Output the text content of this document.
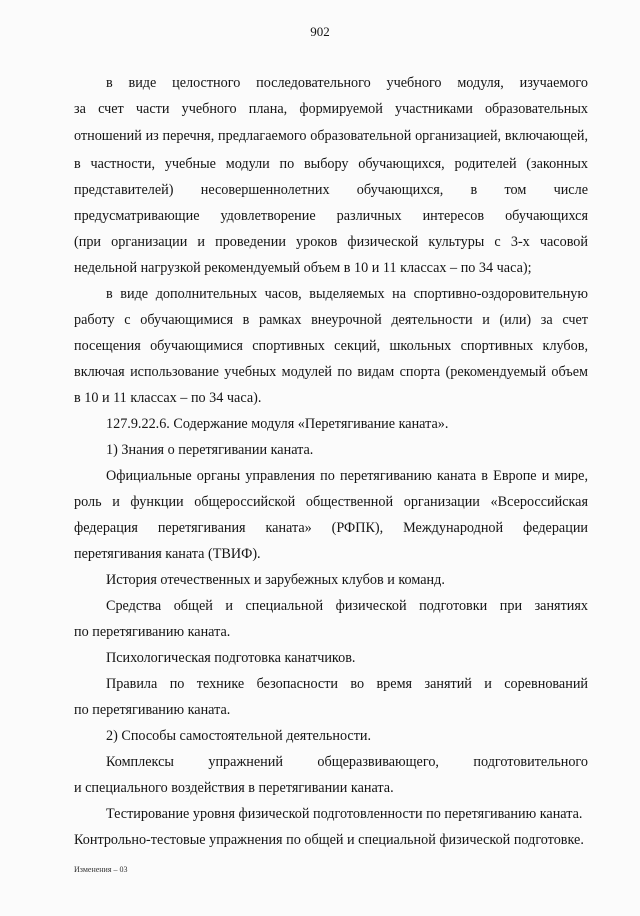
902
в виде целостного последовательного учебного модуля, изучаемого
за счет части учебного плана, формируемой участниками образовательных
отношений из перечня, предлагаемого образовательной организацией, включающей,
в частности, учебные модули по выбору обучающихся, родителей (законных
представителей) несовершеннолетних обучающихся, в том числе
предусматривающие удовлетворение различных интересов обучающихся
(при организации и проведении уроков физической культуры с 3-х часовой
недельной нагрузкой рекомендуемый объем в 10 и 11 классах – по 34 часа);
в виде дополнительных часов, выделяемых на спортивно-оздоровительную
работу с обучающимися в рамках внеурочной деятельности и (или) за счет
посещения обучающимися спортивных секций, школьных спортивных клубов,
включая использование учебных модулей по видам спорта (рекомендуемый объем
в 10 и 11 классах – по 34 часа).
127.9.22.6. Содержание модуля «Перетягивание каната».
1) Знания о перетягивании каната.
Официальные органы управления по перетягиванию каната в Европе и мире,
роль и функции общероссийской общественной организации «Всероссийская
федерация перетягивания каната» (РФПК), Международной федерации
перетягивания каната (ТВИФ).
История отечественных и зарубежных клубов и команд.
Средства общей и специальной физической подготовки при занятиях
по перетягиванию каната.
Психологическая подготовка канатчиков.
Правила по технике безопасности во время занятий и соревнований
по перетягиванию каната.
2) Способы самостоятельной деятельности.
Комплексы упражнений общеразвивающего, подготовительного
и специального воздействия в перетягивании каната.
Тестирование уровня физической подготовленности по перетягиванию каната.
Контрольно-тестовые упражнения по общей и специальной физической подготовке.
Изменения – 03
